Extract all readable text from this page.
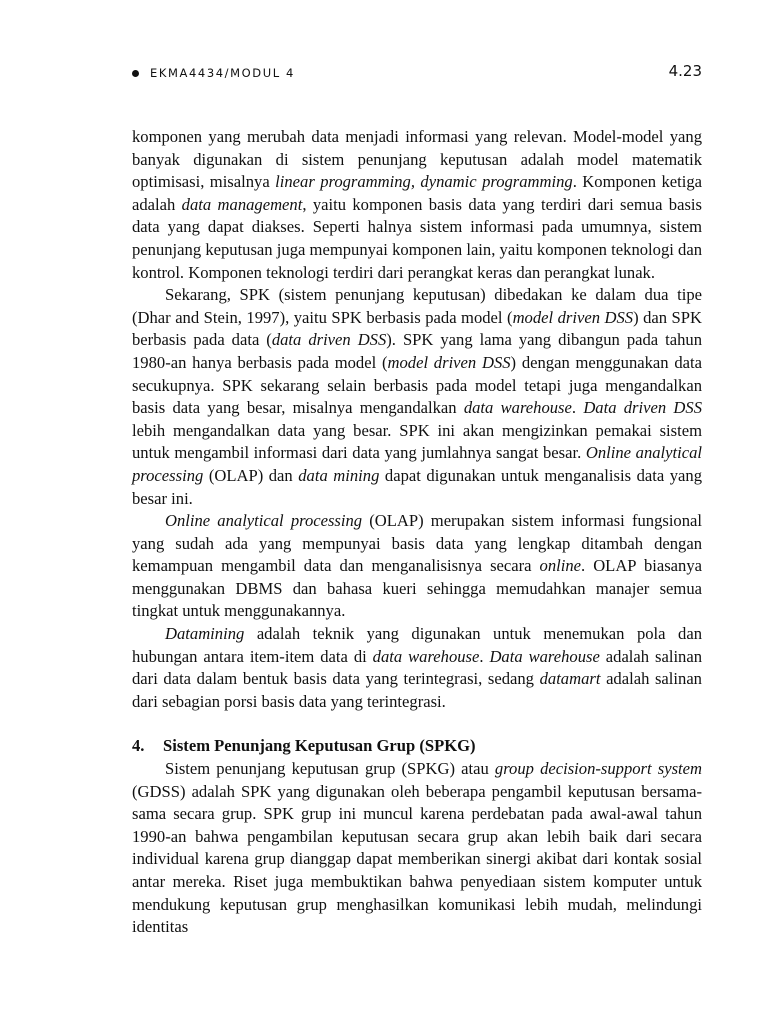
EKMA4434/MODUL 4	4.23

komponen yang merubah data menjadi informasi yang relevan. Model-model yang banyak digunakan di sistem penunjang keputusan adalah model matematik optimisasi, misalnya linear programming, dynamic programming. Komponen ketiga adalah data management, yaitu komponen basis data yang terdiri dari semua basis data yang dapat diakses. Seperti halnya sistem informasi pada umumnya, sistem penunjang keputusan juga mempunyai komponen lain, yaitu komponen teknologi dan kontrol. Komponen teknologi terdiri dari perangkat keras dan perangkat lunak.

Sekarang, SPK (sistem penunjang keputusan) dibedakan ke dalam dua tipe (Dhar and Stein, 1997), yaitu SPK berbasis pada model (model driven DSS) dan SPK berbasis pada data (data driven DSS). SPK yang lama yang dibangun pada tahun 1980-an hanya berbasis pada model (model driven DSS) dengan menggunakan data secukupnya. SPK sekarang selain berbasis pada model tetapi juga mengandalkan basis data yang besar, misalnya mengandalkan data warehouse. Data driven DSS lebih mengandalkan data yang besar. SPK ini akan mengizinkan pemakai sistem untuk mengambil informasi dari data yang jumlahnya sangat besar. Online analytical processing (OLAP) dan data mining dapat digunakan untuk menganalisis data yang besar ini.

Online analytical processing (OLAP) merupakan sistem informasi fungsional yang sudah ada yang mempunyai basis data yang lengkap ditambah dengan kemampuan mengambil data dan menganalisisnya secara online. OLAP biasanya menggunakan DBMS dan bahasa kueri sehingga memudahkan manajer semua tingkat untuk menggunakannya.

Datamining adalah teknik yang digunakan untuk menemukan pola dan hubungan antara item-item data di data warehouse. Data warehouse adalah salinan dari data dalam bentuk basis data yang terintegrasi, sedang datamart adalah salinan dari sebagian porsi basis data yang terintegrasi.

4.	Sistem Penunjang Keputusan Grup (SPKG)

Sistem penunjang keputusan grup (SPKG) atau group decision-support system (GDSS) adalah SPK yang digunakan oleh beberapa pengambil keputusan bersama-sama secara grup. SPK grup ini muncul karena perdebatan pada awal-awal tahun 1990-an bahwa pengambilan keputusan secara grup akan lebih baik dari secara individual karena grup dianggap dapat memberikan sinergi akibat dari kontak sosial antar mereka. Riset juga membuktikan bahwa penyediaan sistem komputer untuk mendukung keputusan grup menghasilkan komunikasi lebih mudah, melindungi identitas
